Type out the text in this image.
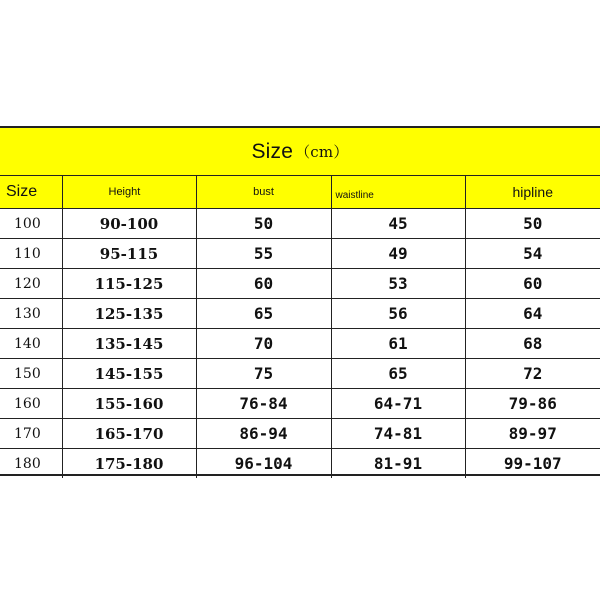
Size （cm）
Size	Height	bust	waistline	hipline
100	90-100	50	45	50
110	95-115	55	49	54
120	115-125	60	53	60
130	125-135	65	56	64
140	135-145	70	61	68
150	145-155	75	65	72
160	155-160	76-84	64-71	79-86
170	165-170	86-94	74-81	89-97
180	175-180	96-104	81-91	99-107
